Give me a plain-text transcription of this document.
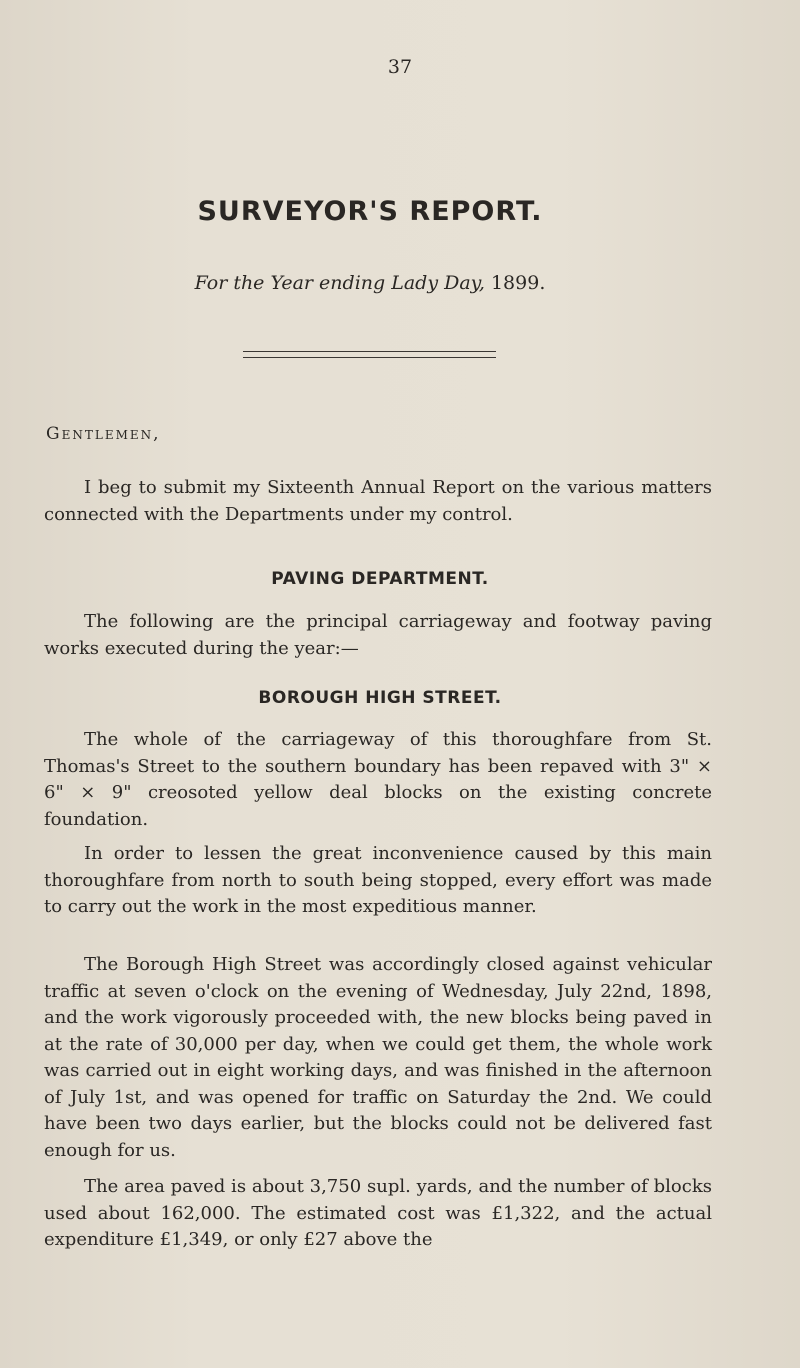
37
SURVEYOR'S REPORT.
For the Year ending Lady Day, 1899.
Gentlemen,
I beg to submit my Sixteenth Annual Report on the various matters connected with the Departments under my control.
PAVING DEPARTMENT.
The following are the principal carriageway and footway paving works executed during the year:—
BOROUGH HIGH STREET.
The whole of the carriageway of this thoroughfare from St. Thomas's Street to the southern boundary has been repaved with 3" × 6" × 9" creosoted yellow deal blocks on the existing concrete foundation.
In order to lessen the great inconvenience caused by this main thoroughfare from north to south being stopped, every effort was made to carry out the work in the most expeditious manner.
The Borough High Street was accordingly closed against vehicular traffic at seven o'clock on the evening of Wednesday, July 22nd, 1898, and the work vigorously proceeded with, the new blocks being paved in at the rate of 30,000 per day, when we could get them, the whole work was carried out in eight working days, and was finished in the afternoon of July 1st, and was opened for traffic on Saturday the 2nd. We could have been two days earlier, but the blocks could not be delivered fast enough for us.
The area paved is about 3,750 supl. yards, and the number of blocks used about 162,000. The estimated cost was £1,322, and the actual expenditure £1,349, or only £27 above the
